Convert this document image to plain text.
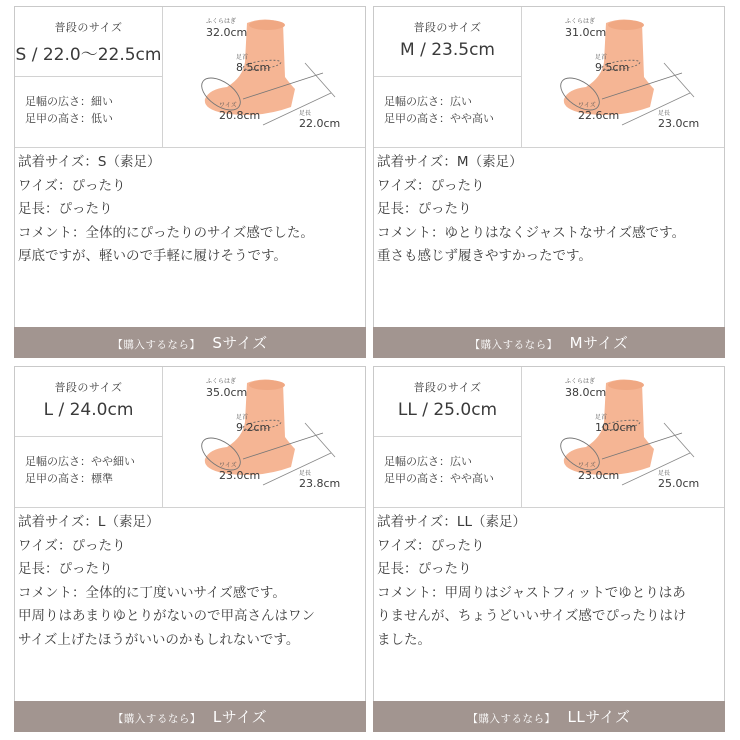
普段のサイズ
S / 22.0〜22.5cm
足幅の広さ：細い
足甲の高さ：低い
ふくらはぎ
32.0cm
足首
8.5cm
ワイズ
20.8cm	足長
22.0cm
試着サイズ：S（素足）
ワイズ：ぴったり
足長：ぴったり
コメント：全体的にぴったりのサイズ感でした。
厚底ですが、軽いので手軽に履けそうです。
【購入するなら】 Sサイズ
普段のサイズ
M / 23.5cm
足幅の広さ：広い
足甲の高さ：やや高い
ふくらはぎ
31.0cm
足首
9.5cm
ワイズ
22.6cm	足長
23.0cm
試着サイズ：M（素足）
ワイズ：ぴったり
足長：ぴったり
コメント：ゆとりはなくジャストなサイズ感です。
重さも感じず履きやすかったです。
【購入するなら】 Mサイズ
普段のサイズ
L / 24.0cm
足幅の広さ：やや細い
足甲の高さ：標準
ふくらはぎ
35.0cm
足首
9.2cm
ワイズ
23.0cm	足長
23.8cm
試着サイズ：L（素足）
ワイズ：ぴったり
足長：ぴったり
コメント：全体的に丁度いいサイズ感です。
甲周りはあまりゆとりがないので甲高さんはワン
サイズ上げたほうがいいのかもしれないです。
【購入するなら】 Lサイズ
普段のサイズ
LL / 25.0cm
足幅の広さ：広い
足甲の高さ：やや高い
ふくらはぎ
38.0cm
足首
10.0cm
ワイズ
23.0cm	足長
25.0cm
試着サイズ：LL（素足）
ワイズ：ぴったり
足長：ぴったり
コメント：甲周りはジャストフィットでゆとりはあ
りませんが、ちょうどいいサイズ感でぴったりはけ
ました。
【購入するなら】 LLサイズ
